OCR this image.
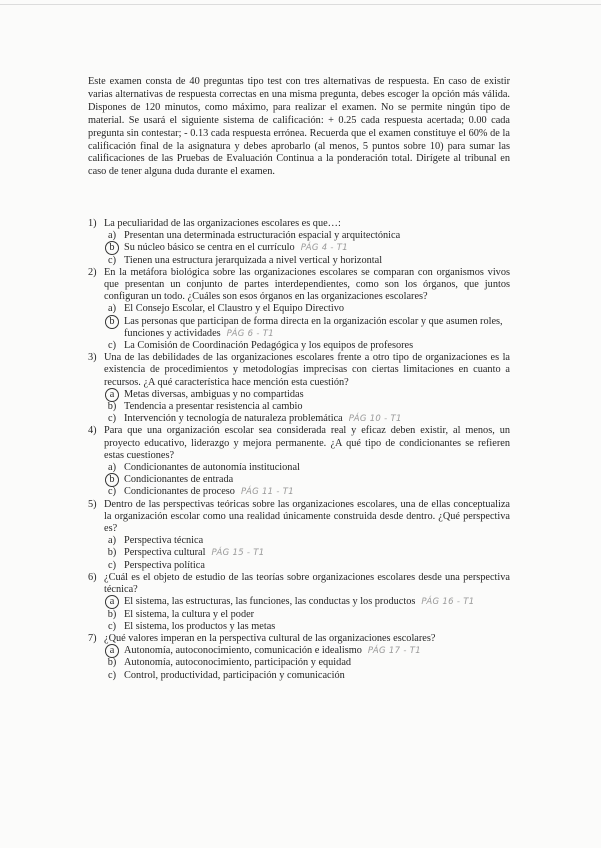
Este examen consta de 40 preguntas tipo test con tres alternativas de respuesta. En caso de existir varias alternativas de respuesta correctas en una misma pregunta, debes escoger la opción más válida. Dispones de 120 minutos, como máximo, para realizar el examen. No se permite ningún tipo de material. Se usará el siguiente sistema de calificación: + 0.25 cada respuesta acertada; 0.00 cada pregunta sin contestar; - 0.13 cada respuesta errónea. Recuerda que el examen constituye el 60% de la calificación final de la asignatura y debes aprobarlo (al menos, 5 puntos sobre 10) para sumar las calificaciones de las Pruebas de Evaluación Continua a la ponderación total. Dirígete al tribunal en caso de tener alguna duda durante el examen.

1) La peculiaridad de las organizaciones escolares es que…:
a) Presentan una determinada estructuración espacial y arquitectónica
b Su núcleo básico se centra en el currículo PÁG 4 - T1
c) Tienen una estructura jerarquizada a nivel vertical y horizontal
2) En la metáfora biológica sobre las organizaciones escolares se comparan con organismos vivos que presentan un conjunto de partes interdependientes, como son los órganos, que juntos configuran un todo. ¿Cuáles son esos órganos en las organizaciones escolares?
a) El Consejo Escolar, el Claustro y el Equipo Directivo
b Las personas que participan de forma directa en la organización escolar y que asumen roles, funciones y actividades PÁG 6 - T1
c) La Comisión de Coordinación Pedagógica y los equipos de profesores
3) Una de las debilidades de las organizaciones escolares frente a otro tipo de organizaciones es la existencia de procedimientos y metodologías imprecisas con ciertas limitaciones en cuanto a recursos. ¿A qué característica hace mención esta cuestión?
a Metas diversas, ambiguas y no compartidas
b) Tendencia a presentar resistencia al cambio
c) Intervención y tecnología de naturaleza problemática PÁG 10 - T1
4) Para que una organización escolar sea considerada real y eficaz deben existir, al menos, un proyecto educativo, liderazgo y mejora permanente. ¿A qué tipo de condicionantes se refieren estas cuestiones?
a) Condicionantes de autonomía institucional
b Condicionantes de entrada
c) Condicionantes de proceso PÁG 11 - T1
5) Dentro de las perspectivas teóricas sobre las organizaciones escolares, una de ellas conceptualiza la organización escolar como una realidad únicamente construida desde dentro. ¿Qué perspectiva es?
a) Perspectiva técnica
b) Perspectiva cultural PÁG 15 - T1
c) Perspectiva política
6) ¿Cuál es el objeto de estudio de las teorías sobre organizaciones escolares desde una perspectiva técnica?
a El sistema, las estructuras, las funciones, las conductas y los productos PÁG 16 - T1
b) El sistema, la cultura y el poder
c) El sistema, los productos y las metas
7) ¿Qué valores imperan en la perspectiva cultural de las organizaciones escolares?
a Autonomía, autoconocimiento, comunicación e idealismo PÁG 17 - T1
b) Autonomía, autoconocimiento, participación y equidad
c) Control, productividad, participación y comunicación
